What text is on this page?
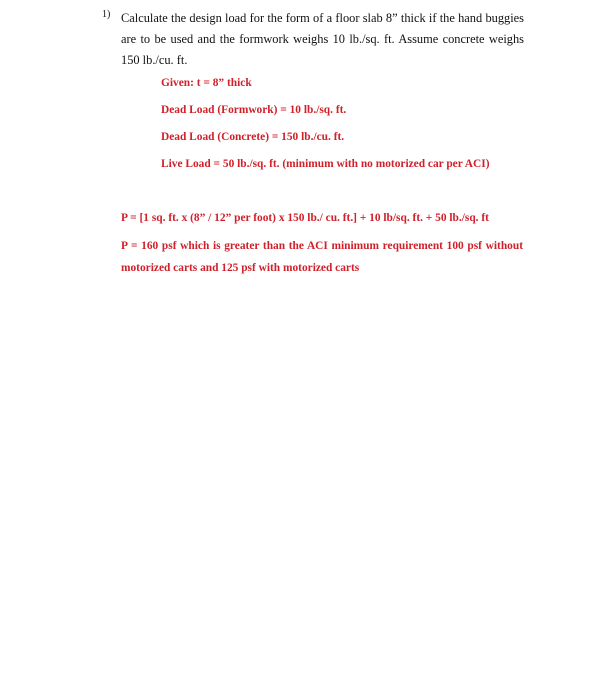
1) Calculate the design load for the form of a floor slab 8” thick if the hand buggies are to be used and the formwork weighs 10 lb./sq. ft. Assume concrete weighs 150 lb./cu. ft.
Given: t = 8” thick
Dead Load (Formwork) = 10 lb./sq. ft.
Dead Load (Concrete) = 150 lb./cu. ft.
Live Load = 50 lb./sq. ft. (minimum with no motorized car per ACI)
P = [1 sq. ft. x (8” / 12” per foot) x 150 lb./ cu. ft.] + 10 lb/sq. ft. + 50 lb./sq. ft
P = 160 psf which is greater than the ACI minimum requirement 100 psf without motorized carts and 125 psf with motorized carts
